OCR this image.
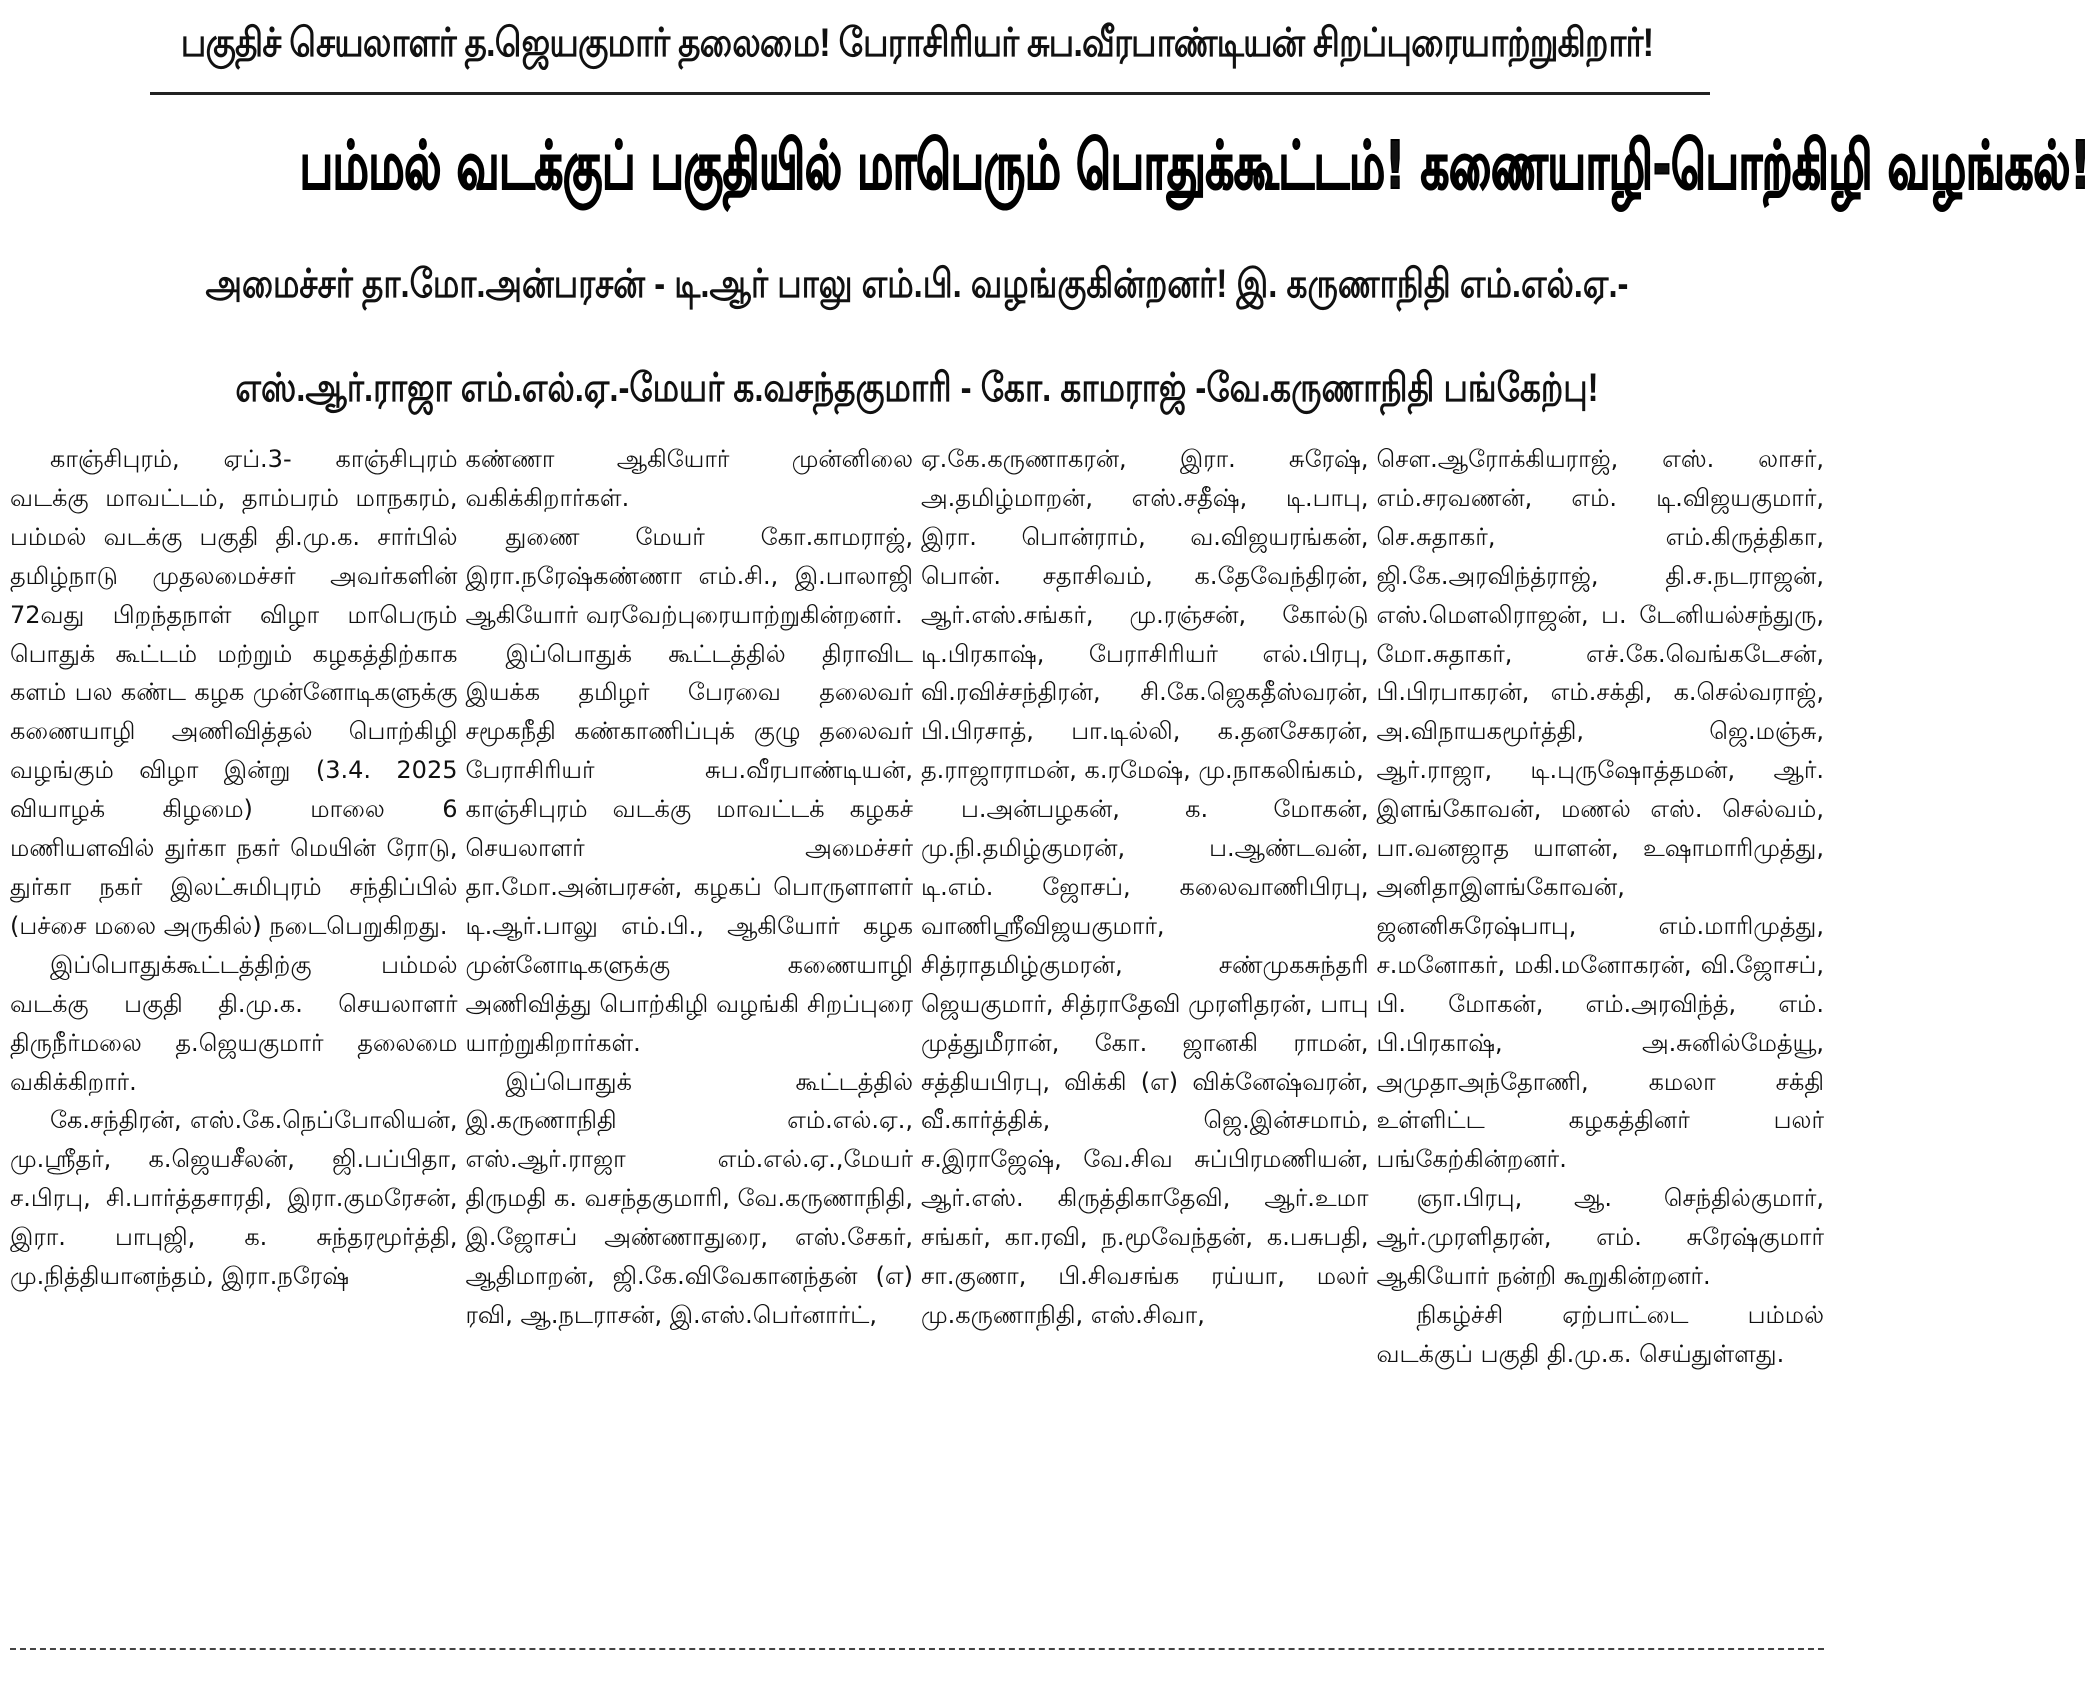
பகுதிச் செயலாளர் த.ஜெயகுமார் தலைமை! பேராசிரியர் சுப.வீரபாண்டியன் சிறப்புரையாற்றுகிறார்!
பம்மல் வடக்குப் பகுதியில் மாபெரும் பொதுக்கூட்டம்! கணையாழி-பொற்கிழி வழங்கல்!
அமைச்சர் தா.மோ.அன்பரசன் - டி.ஆர் பாலு எம்.பி. வழங்குகின்றனர்! இ. கருணாநிதி எம்.எல்.ஏ.-
எஸ்.ஆர்.ராஜா எம்.எல்.ஏ.-மேயர் க.வசந்தகுமாரி - கோ. காமராஜ் -வே.கருணாநிதி பங்கேற்பு!

காஞ்சிபுரம், ஏப்.3- காஞ்சிபுரம் வடக்கு மாவட்டம், தாம்பரம் மாநகரம், பம்மல் வடக்கு பகுதி தி.மு.க. சார்பில் தமிழ்நாடு முதலமைச்சர் அவர்களின் 72வது பிறந்தநாள் விழா மாபெரும் பொதுக் கூட்டம் மற்றும் கழகத்திற்காக களம் பல கண்ட கழக முன்னோடிகளுக்கு கணையாழி அணிவித்தல் பொற்கிழி வழங்கும் விழா இன்று (3.4. 2025 வியாழக் கிழமை) மாலை 6 மணியளவில் துர்கா நகர் மெயின் ரோடு, துர்கா நகர் இலட்சுமிபுரம் சந்திப்பில் (பச்சை மலை அருகில்) நடைபெறுகிறது.

இப்பொதுக்கூட்டத்திற்கு பம்மல் வடக்கு பகுதி தி.மு.க. செயலாளர் திருநீர்மலை த.ஜெயகுமார் தலைமை வகிக்கிறார்.

கே.சந்திரன், எஸ்.கே.நெப்போலியன், மு.ஸ்ரீதர், க.ஜெயசீலன், ஜி.பப்பிதா, ச.பிரபு, சி.பார்த்தசாரதி, இரா.குமரேசன், இரா. பாபுஜி, க. சுந்தரமூர்த்தி, மு.நித்தியானந்தம், இரா.நரேஷ்

கண்ணா ஆகியோர் முன்னிலை வகிக்கிறார்கள்.

துணை மேயர் கோ.காமராஜ், இரா.நரேஷ்கண்ணா எம்.சி., இ.பாலாஜி ஆகியோர் வரவேற்புரையாற்றுகின்றனர்.

இப்பொதுக் கூட்டத்தில் திராவிட இயக்க தமிழர் பேரவை தலைவர் சமூகநீதி கண்காணிப்புக் குழு தலைவர் பேராசிரியர் சுப.வீரபாண்டியன், காஞ்சிபுரம் வடக்கு மாவட்டக் கழகச் செயலாளர் அமைச்சர் தா.மோ.அன்பரசன், கழகப் பொருளாளர் டி.ஆர்.பாலு எம்.பி., ஆகியோர் கழக முன்னோடிகளுக்கு கணையாழி அணிவித்து பொற்கிழி வழங்கி சிறப்புரை யாற்றுகிறார்கள்.

இப்பொதுக் கூட்டத்தில் இ.கருணாநிதி எம்.எல்.ஏ., எஸ்.ஆர்.ராஜா எம்.எல்.ஏ.,மேயர் திருமதி க. வசந்தகுமாரி, வே.கருணாநிதி, இ.ஜோசப் அண்ணாதுரை, எஸ்.சேகர், ஆதிமாறன், ஜி.கே.விவேகானந்தன் (எ) ரவி, ஆ.நடராசன், இ.எஸ்.பெர்னார்ட்,

ஏ.கே.கருணாகரன், இரா. சுரேஷ், அ.தமிழ்மாறன், எஸ்.சதீஷ், டி.பாபு, இரா. பொன்ராம், வ.விஜயரங்கன், பொன். சதாசிவம், க.தேவேந்திரன், ஆர்.எஸ்.சங்கர், மு.ரஞ்சன், கோல்டு டி.பிரகாஷ், பேராசிரியர் எல்.பிரபு, வி.ரவிச்சந்திரன், சி.கே.ஜெகதீஸ்வரன், பி.பிரசாத், பா.டில்லி, க.தனசேகரன், த.ராஜாராமன், க.ரமேஷ், மு.நாகலிங்கம்,

ப.அன்பழகன், க. மோகன், மு.நி.தமிழ்குமரன், ப.ஆண்டவன், டி.எம். ஜோசப், கலைவாணிபிரபு, வாணிஸ்ரீவிஜயகுமார், சித்ராதமிழ்குமரன், சண்முகசுந்தரி ஜெயகுமார், சித்ராதேவி முரளிதரன், பாபு முத்துமீரான், கோ. ஜானகி ராமன், சத்தியபிரபு, விக்கி (எ) விக்னேஷ்வரன், வீ.கார்த்திக், ஜெ.இன்சமாம், ச.இராஜேஷ், வே.சிவ சுப்பிரமணியன், ஆர்.எஸ். கிருத்திகாதேவி, ஆர்.உமா சங்கர், கா.ரவி, ந.மூவேந்தன், க.பசுபதி, சா.குணா, பி.சிவசங்க ரய்யா, மலர் மு.கருணாநிதி, எஸ்.சிவா,

சௌ.ஆரோக்கியராஜ், எஸ். லாசர், எம்.சரவணன், எம். டி.விஜயகுமார், செ.சுதாகர், எம்.கிருத்திகா, ஜி.கே.அரவிந்த்ராஜ், தி.ச.நடராஜன், எஸ்.மௌலிராஜன், ப. டேனியல்சந்துரு, மோ.சுதாகர், எச்.கே.வெங்கடேசன், பி.பிரபாகரன், எம்.சக்தி, க.செல்வராஜ், அ.விநாயகமூர்த்தி, ஜெ.மஞ்சு, ஆர்.ராஜா, டி.புருஷோத்தமன், ஆர். இளங்கோவன், மணல் எஸ். செல்வம், பா.வனஜாத யாளன், உஷாமாரிமுத்து, அனிதாஇளங்கோவன், ஜனனிசுரேஷ்பாபு, எம்.மாரிமுத்து, ச.மனோகர், மகி.மனோகரன், வி.ஜோசப், பி. மோகன், எம்.அரவிந்த், எம். பி.பிரகாஷ், அ.சுனில்மேத்யூ, அமுதாஅந்தோணி, கமலா சக்தி உள்ளிட்ட கழகத்தினர் பலர் பங்கேற்கின்றனர்.

ஞா.பிரபு, ஆ. செந்தில்குமார், ஆர்.முரளிதரன், எம். சுரேஷ்குமார் ஆகியோர் நன்றி கூறுகின்றனர்.

நிகழ்ச்சி ஏற்பாட்டை பம்மல் வடக்குப் பகுதி தி.மு.க. செய்துள்ளது.
